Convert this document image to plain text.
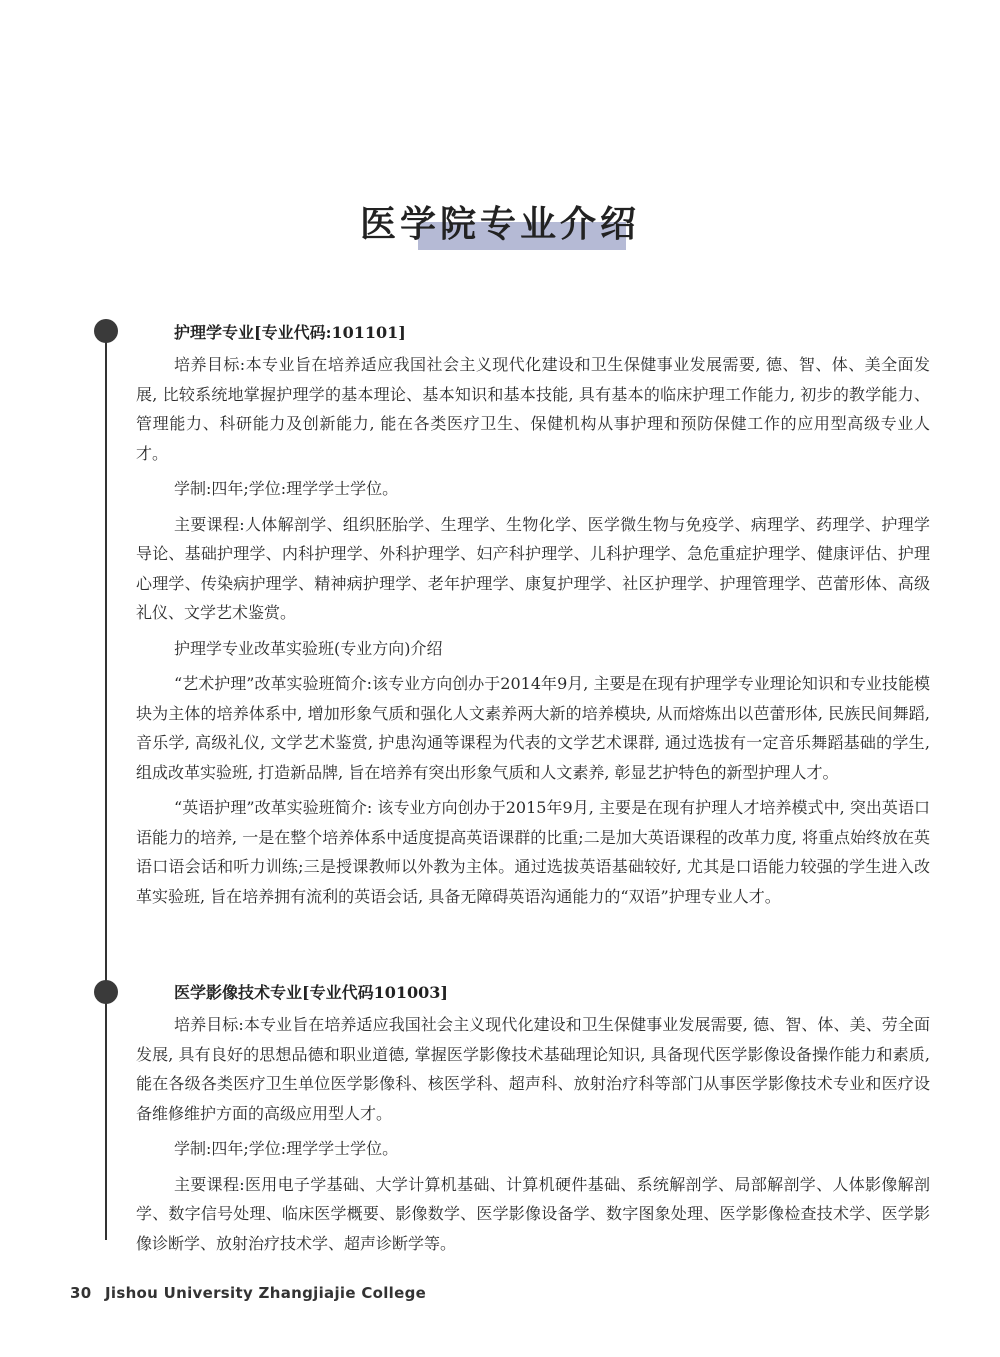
医学院专业介绍
护理学专业[专业代码:101101]

培养目标:本专业旨在培养适应我国社会主义现代化建设和卫生保健事业发展需要, 德、智、体、美全面发展, 比较系统地掌握护理学的基本理论、基本知识和基本技能, 具有基本的临床护理工作能力, 初步的教学能力、管理能力、科研能力及创新能力, 能在各类医疗卫生、保健机构从事护理和预防保健工作的应用型高级专业人才。

学制:四年;学位:理学学士学位。

主要课程:人体解剖学、组织胚胎学、生理学、生物化学、医学微生物与免疫学、病理学、药理学、护理学导论、基础护理学、内科护理学、外科护理学、妇产科护理学、儿科护理学、急危重症护理学、健康评估、护理心理学、传染病护理学、精神病护理学、老年护理学、康复护理学、社区护理学、护理管理学、芭蕾形体、高级礼仪、文学艺术鉴赏。

护理学专业改革实验班(专业方向)介绍

“艺术护理”改革实验班简介:该专业方向创办于2014年9月, 主要是在现有护理学专业理论知识和专业技能模块为主体的培养体系中, 增加形象气质和强化人文素养两大新的培养模块, 从而熔炼出以芭蕾形体, 民族民间舞蹈, 音乐学, 高级礼仪, 文学艺术鉴赏, 护患沟通等课程为代表的文学艺术课群, 通过选拔有一定音乐舞蹈基础的学生, 组成改革实验班, 打造新品牌, 旨在培养有突出形象气质和人文素养, 彰显艺护特色的新型护理人才。

“英语护理”改革实验班简介: 该专业方向创办于2015年9月, 主要是在现有护理人才培养模式中, 突出英语口语能力的培养, 一是在整个培养体系中适度提高英语课群的比重;二是加大英语课程的改革力度, 将重点始终放在英语口语会话和听力训练;三是授课教师以外教为主体。通过选拔英语基础较好, 尤其是口语能力较强的学生进入改革实验班, 旨在培养拥有流利的英语会话, 具备无障碍英语沟通能力的“双语”护理专业人才。

医学影像技术专业[专业代码101003]

培养目标:本专业旨在培养适应我国社会主义现代化建设和卫生保健事业发展需要, 德、智、体、美、劳全面发展, 具有良好的思想品德和职业道德, 掌握医学影像技术基础理论知识, 具备现代医学影像设备操作能力和素质, 能在各级各类医疗卫生单位医学影像科、核医学科、超声科、放射治疗科等部门从事医学影像技术专业和医疗设备维修维护方面的高级应用型人才。

学制:四年;学位:理学学士学位。

主要课程:医用电子学基础、大学计算机基础、计算机硬件基础、系统解剖学、局部解剖学、人体影像解剖学、数字信号处理、临床医学概要、影像数学、医学影像设备学、数字图象处理、医学影像检查技术学、医学影像诊断学、放射治疗技术学、超声诊断学等。

30 Jishou University Zhangjiajie College
